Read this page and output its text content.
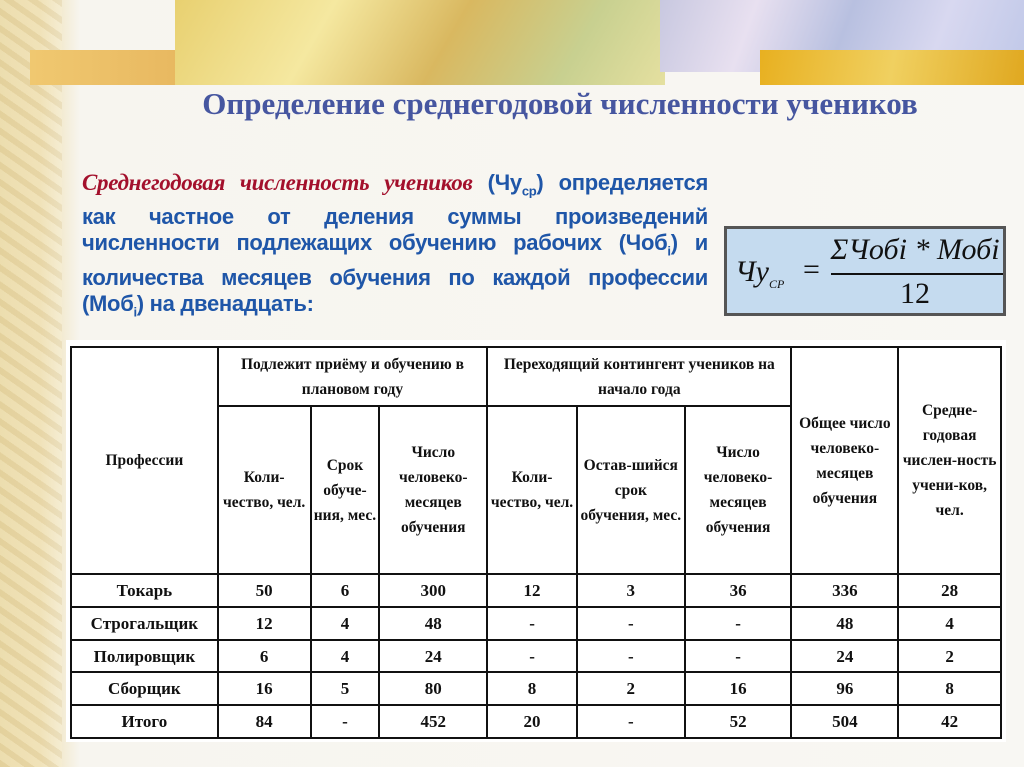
Определение среднегодовой численности учеников
Среднегодовая численность учеников $(Чу_{ср})$ определяется как частное от деления суммы произведений численности подлежащих обучению рабочих (Чоб$_i$) и количества месяцев обучения по каждой профессии (Моб$_i$) на двенадцать:
$Чу_{СР}$ =
ΣЧобi * Мобi
12
Профессии	Подлежит приёму и обучению в плановом году			Переходящий контингент учеников на начало года			Общее число человеко-месяцев обучения	Средне-годовая числен-ность учени-ков, чел.
	Коли-чество, чел.	Срок обуче-ния, мес.	Число человеко-месяцев обучения	Коли-чество, чел.	Остав-шийся срок обучения, мес.	Число человеко-месяцев обучения		
Токарь	50	6	300	12	3	36	336	28
Строгальщик	12	4	48	-	-	-	48	4
Полировщик	6	4	24	-	-	-	24	2
Сборщик	16	5	80	8	2	16	96	8
Итого	84	-	452	20	-	52	504	42
